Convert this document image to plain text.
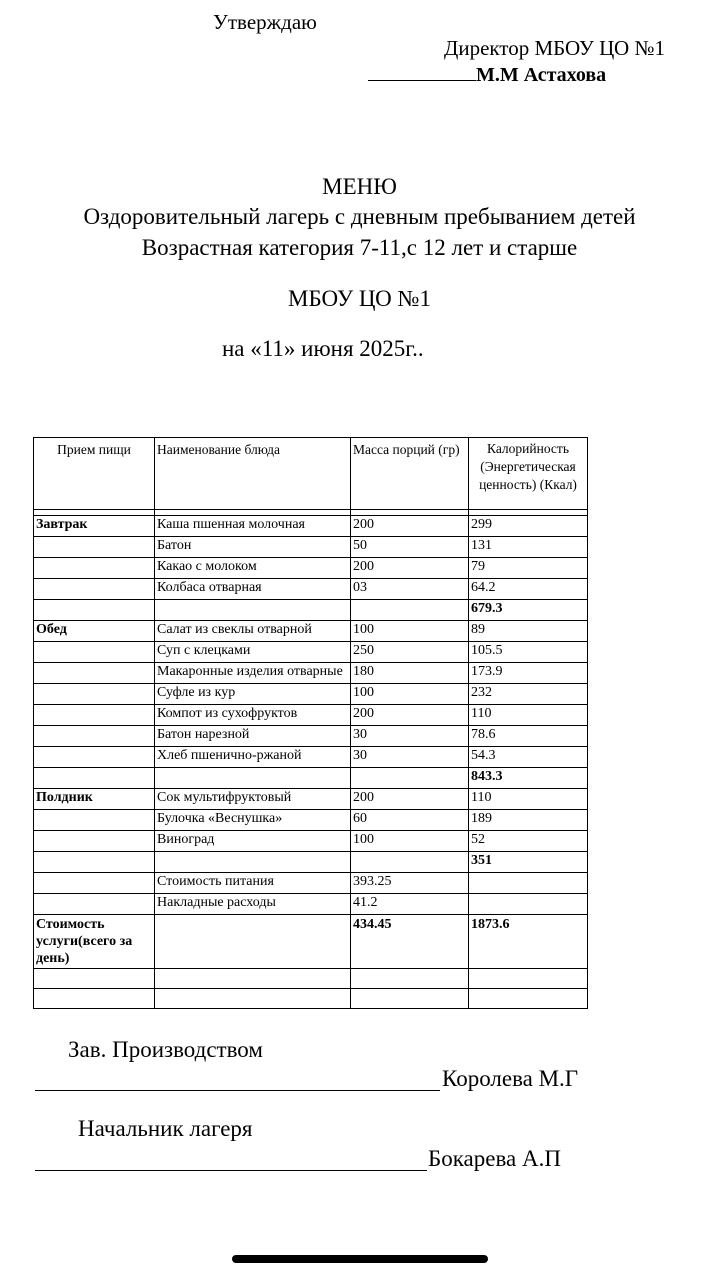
Утверждаю
Директор МБОУ ЦО №1
М.М Астахова
МЕНЮ
Оздоровительный лагерь с дневным пребыванием детей
Возрастная категория 7-11,с 12 лет и старше
МБОУ ЦО №1
на «11» июня 2025г..
Прием пищи	Наименование блюда	Масса порций (гр)	Калорийность (Энергетическая ценность) (Ккал)

Завтрак	Каша пшенная молочная	200	299
	Батон	50	131
	Какао с молоком	200	79
	Колбаса отварная	03	64.2
			679.3
Обед	Салат из свеклы отварной	100	89
	Суп с клецками	250	105.5
	Макаронные изделия отварные	180	173.9
	Суфле из кур	100	232
	Компот из сухофруктов	200	110
	Батон нарезной	30	78.6
	Хлеб пшенично-ржаной	30	54.3
			843.3
Полдник	Сок мультифруктовый	200	110
	Булочка «Веснушка»	60	189
	Виноград	100	52
			351
	Стоимость питания	393.25	
	Накладные расходы	41.2	
Стоимость услуги(всего за день)		434.45	1873.6

Зав. Производством
Королева М.Г
Начальник лагеря
Бокарева А.П
